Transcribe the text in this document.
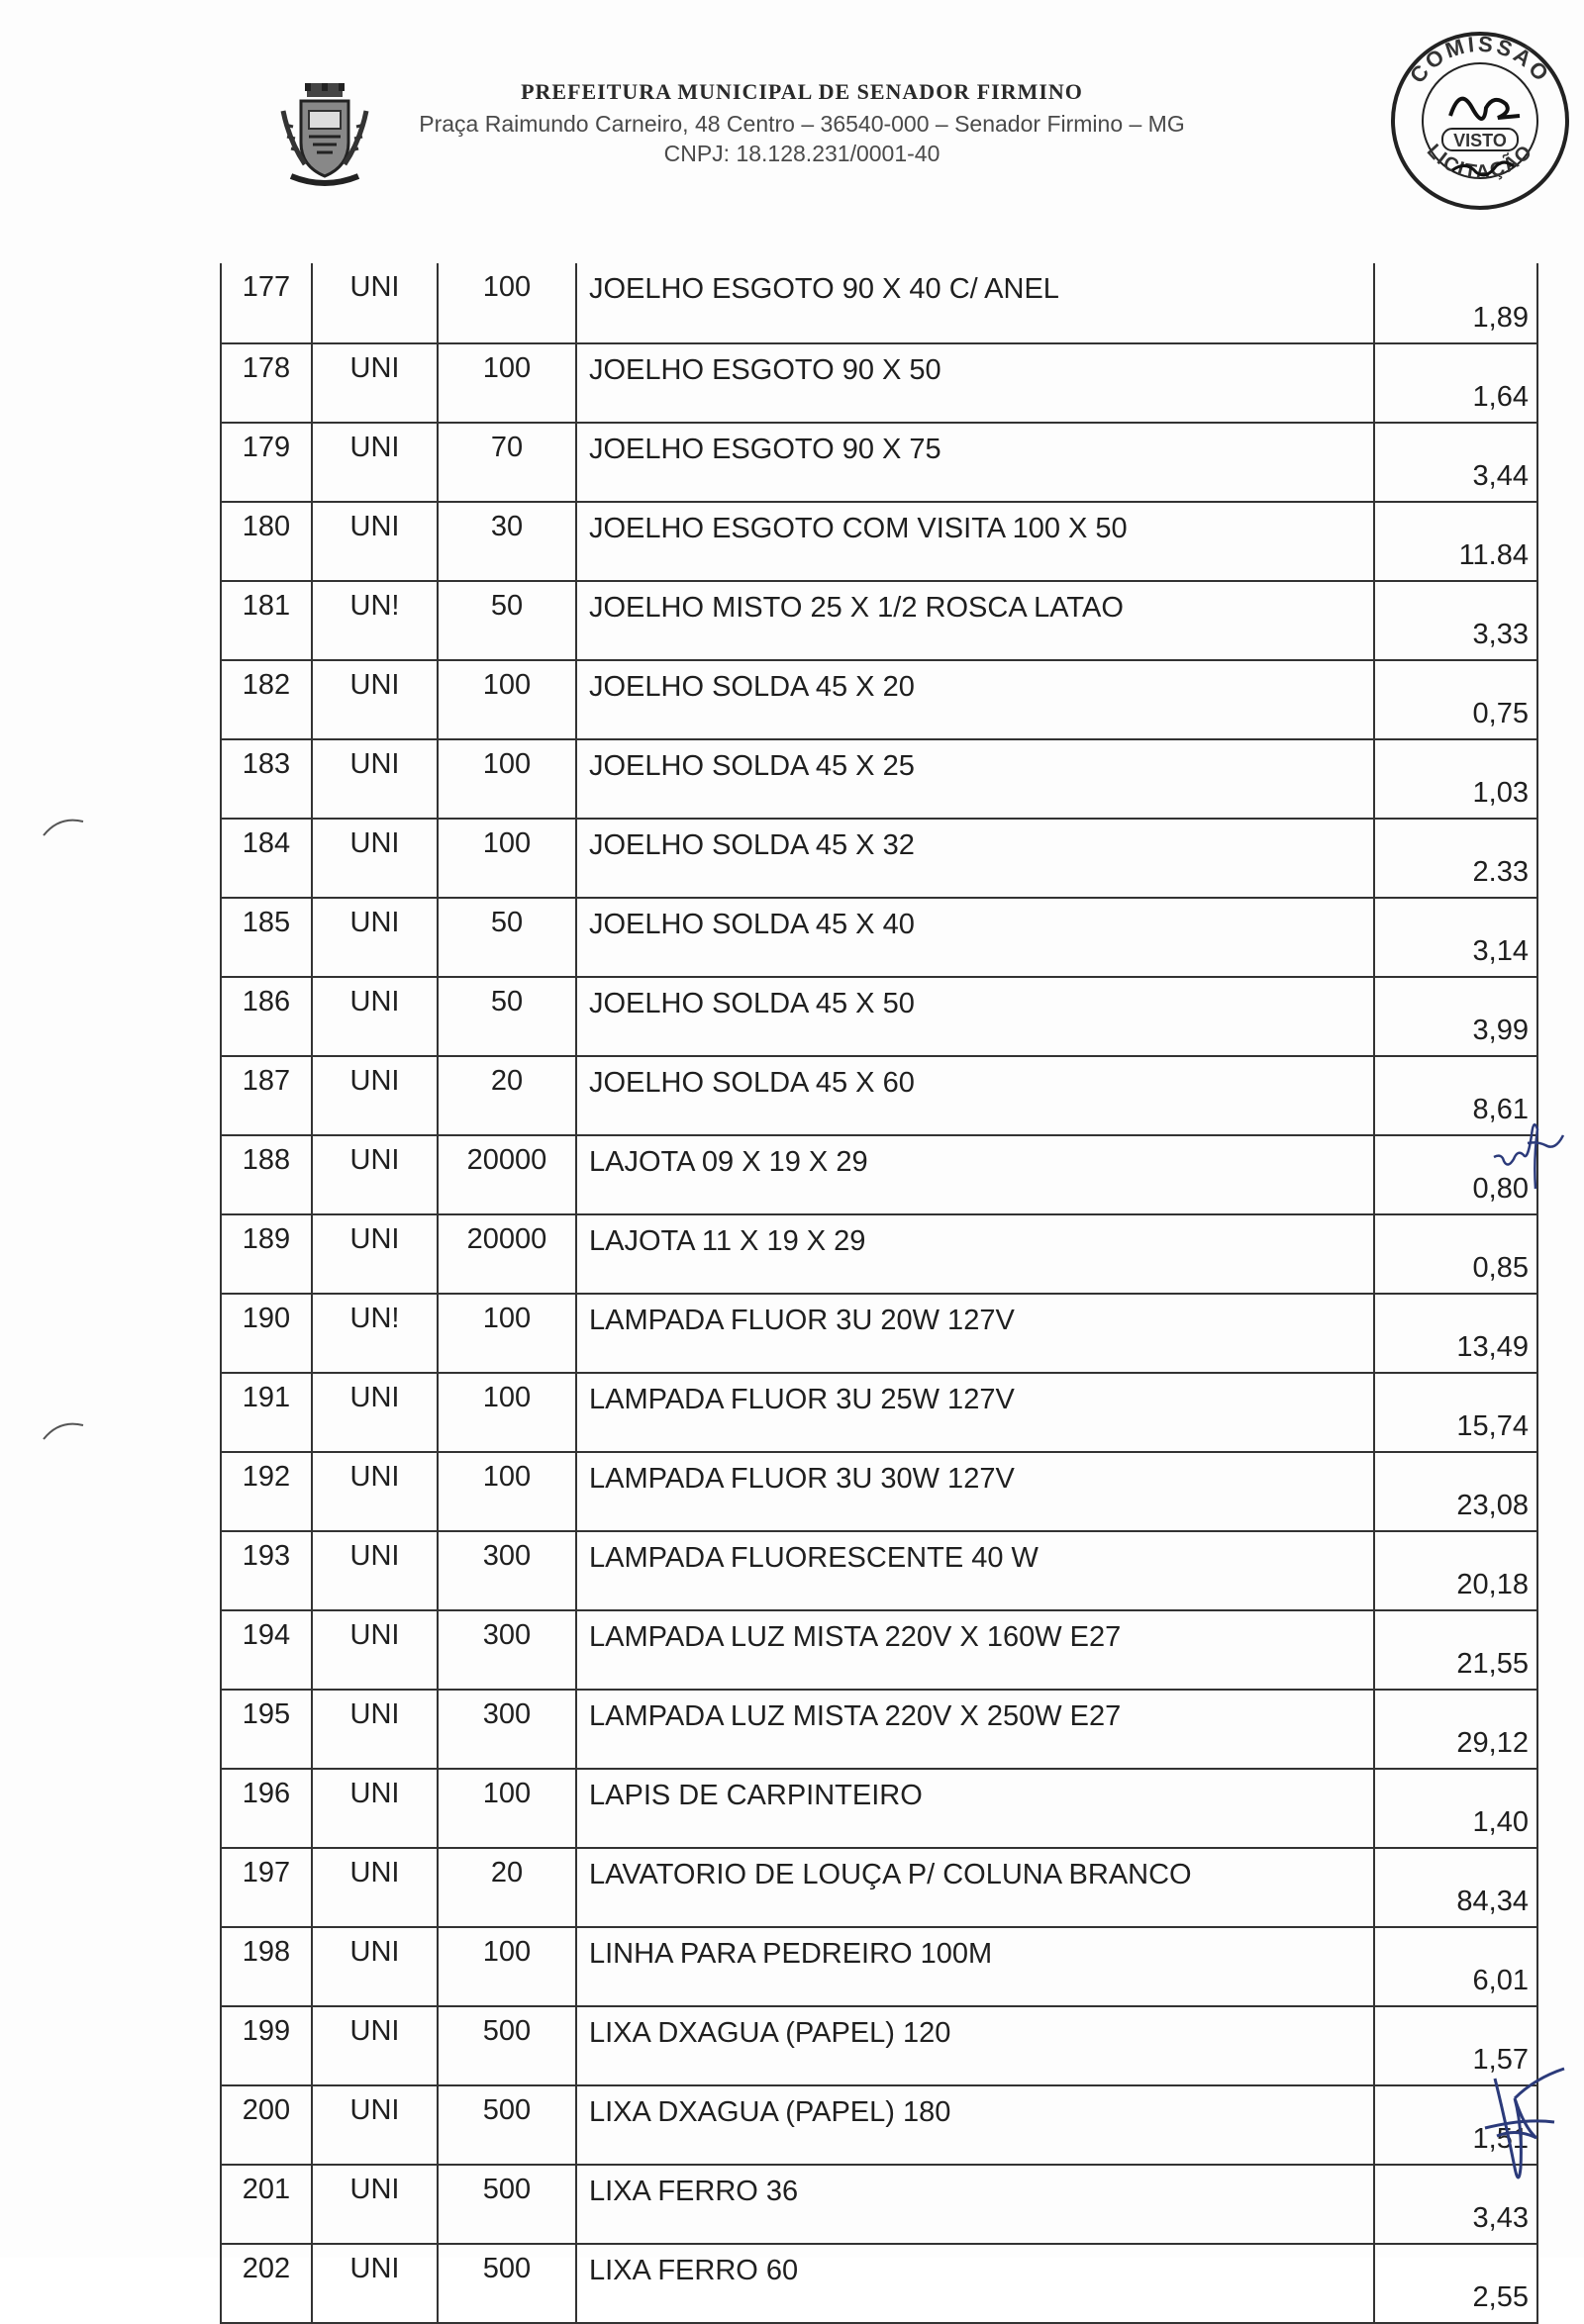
PREFEITURA MUNICIPAL DE SENADOR FIRMINO
Praça Raimundo Carneiro, 48 Centro – 36540-000 – Senador Firmino – MG
CNPJ: 18.128.231/0001-40
COMISSÃO
LICITAÇÃO
VISTO
177	UNI	100	JOELHO ESGOTO 90 X 40 C/ ANEL	1,89
178	UNI	100	JOELHO ESGOTO 90 X 50	1,64
179	UNI	70	JOELHO ESGOTO 90 X 75	3,44
180	UNI	30	JOELHO ESGOTO COM VISITA 100 X 50	11.84
181	UN!	50	JOELHO MISTO 25 X 1/2 ROSCA LATAO	3,33
182	UNI	100	JOELHO SOLDA 45 X 20	0,75
183	UNI	100	JOELHO SOLDA 45 X 25	1,03
184	UNI	100	JOELHO SOLDA 45 X 32	2.33
185	UNI	50	JOELHO SOLDA 45 X 40	3,14
186	UNI	50	JOELHO SOLDA 45 X 50	3,99
187	UNI	20	JOELHO SOLDA 45 X 60	8,61
188	UNI	20000	LAJOTA 09 X 19 X 29	0,80
189	UNI	20000	LAJOTA 11 X 19 X 29	0,85
190	UN!	100	LAMPADA FLUOR 3U 20W 127V	13,49
191	UNI	100	LAMPADA FLUOR 3U 25W 127V	15,74
192	UNI	100	LAMPADA FLUOR 3U 30W 127V	23,08
193	UNI	300	LAMPADA FLUORESCENTE 40 W	20,18
194	UNI	300	LAMPADA LUZ MISTA 220V X 160W E27	21,55
195	UNI	300	LAMPADA LUZ MISTA 220V X 250W E27	29,12
196	UNI	100	LAPIS DE CARPINTEIRO	1,40
197	UNI	20	LAVATORIO DE LOUÇA P/ COLUNA BRANCO	84,34
198	UNI	100	LINHA PARA PEDREIRO 100M	6,01
199	UNI	500	LIXA DXAGUA (PAPEL) 120	1,57
200	UNI	500	LIXA DXAGUA (PAPEL) 180	1,51
201	UNI	500	LIXA FERRO 36	3,43
202	UNI	500	LIXA FERRO 60	2,55
